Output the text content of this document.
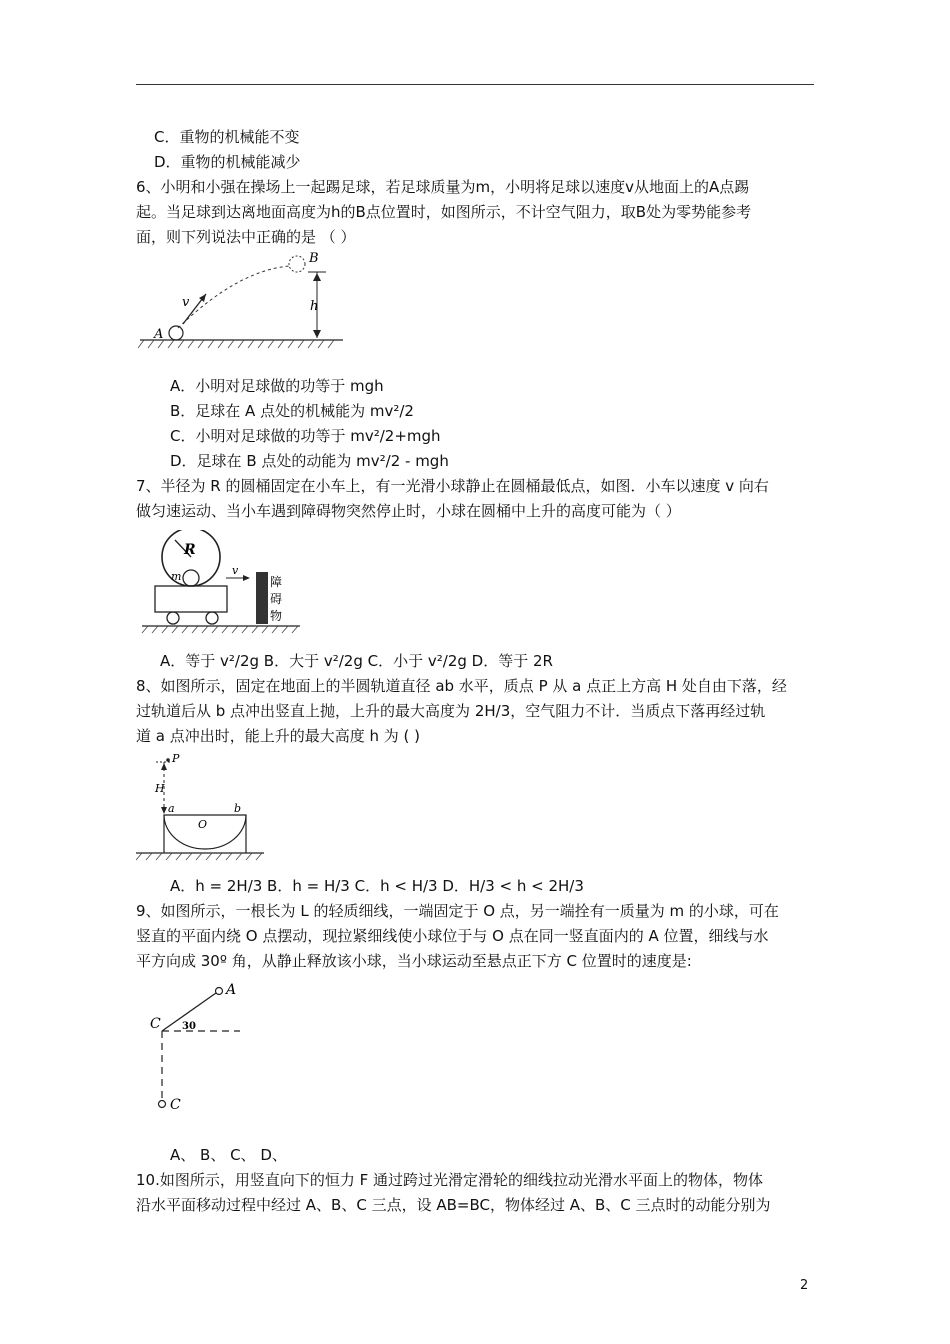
C．重物的机械能不变
D．重物的机械能减少
6、小明和小强在操场上一起踢足球，若足球质量为m，小明将足球以速度v从地面上的A点踢
起。当足球到达离地面高度为h的B点位置时，如图所示，不计空气阻力，取B处为零势能参考
面，则下列说法中正确的是 （ ）
A
B
v	h
A．小明对足球做的功等于 mgh
B．足球在 A 点处的机械能为 mv²/2
C．小明对足球做的功等于 mv²/2+mgh
D．足球在 B 点处的动能为 mv²/2 - mgh
7、半径为 R 的圆桶固定在小车上，有一光滑小球静止在圆桶最低点，如图．小车以速度 v 向右
做匀速运动、当小车遇到障碍物突然停止时，小球在圆桶中上升的高度可能为（ ）
R
m	v
障
碍
物
A．等于 v²/2g B．大于 v²/2g C．小于 v²/2g D．等于 2R
8、如图所示，固定在地面上的半圆轨道直径 ab 水平，质点 P 从 a 点正上方高 H 处自由下落，经
过轨道后从 b 点冲出竖直上抛，上升的最大高度为 2H/3，空气阻力不计．当质点下落再经过轨
道 a 点冲出时，能上升的最大高度 h 为 ( )
P
H
a	b
O
A．h = 2H/3 B．h = H/3 C．h < H/3 D．H/3 < h < 2H/3
9、如图所示，一根长为 L 的轻质细线，一端固定于 O 点，另一端拴有一质量为 m 的小球，可在
竖直的平面内绕 O 点摆动，现拉紧细线使小球位于与 O 点在同一竖直面内的 A 位置，细线与水
平方向成 30º 角，从静止释放该小球，当小球运动至悬点正下方 C 位置时的速度是:
A
C 30
C
A、 B、 C、 D、
10.如图所示，用竖直向下的恒力 F 通过跨过光滑定滑轮的细线拉动光滑水平面上的物体，物体
沿水平面移动过程中经过 A、B、C 三点，设 AB=BC，物体经过 A、B、C 三点时的动能分别为
2
